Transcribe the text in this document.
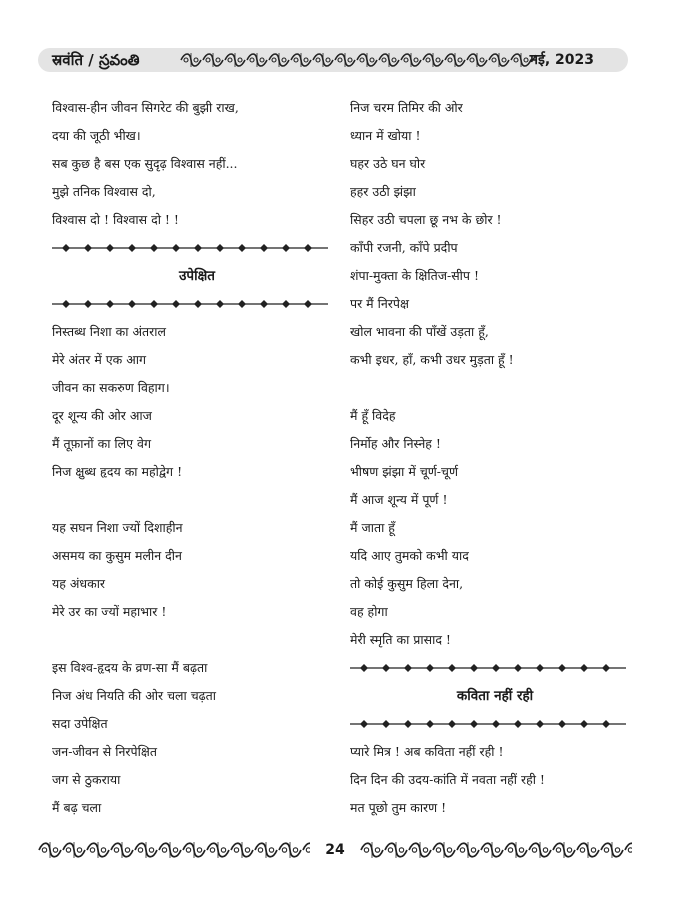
स्रवंति / స్రవంతి	मई, 2023
विश्वास-हीन जीवन सिगरेट की बुझी राख,
दया की जूठी भीख।
सब कुछ है बस एक सुदृढ़ विश्वास नहीं...
मुझे तनिक विश्वास दो,
विश्वास दो ! विश्वास दो ! !
उपेक्षित
निस्तब्ध निशा का अंतराल
मेरे अंतर में एक आग
जीवन का सकरुण विहाग।
दूर शून्य की ओर आज
मैं तूफ़ानों का लिए वेग
निज क्षुब्ध हृदय का महोद्वेग !
यह सघन निशा ज्यों दिशाहीन
असमय का कुसुम मलीन दीन
यह अंधकार
मेरे उर का ज्यों महाभार !
इस विश्व-हृदय के व्रण-सा मैं बढ़ता
निज अंध नियति की ओर चला चढ़ता
सदा उपेक्षित
जन-जीवन से निरपेक्षित
जग से ठुकराया
मैं बढ़ चला
निज चरम तिमिर की ओर
ध्यान में खोया !
घहर उठे घन घोर
हहर उठी झंझा
सिहर उठी चपला छू नभ के छोर !
काँपी रजनी, काँपे प्रदीप
शंपा-मुक्ता के क्षितिज-सीप !
पर मैं निरपेक्ष
खोल भावना की पाँखें उड़ता हूँ,
कभी इधर, हाँ, कभी उधर मुड़ता हूँ !
मैं हूँ विदेह
निर्मोह और निस्नेह !
भीषण झंझा में चूर्ण-चूर्ण
मैं आज शून्य में पूर्ण !
मैं जाता हूँ
यदि आए तुमको कभी याद
तो कोई कुसुम हिला देना,
वह होगा
मेरी स्मृति का प्रासाद !
कविता नहीं रही
प्यारे मित्र ! अब कविता नहीं रही !
दिन दिन की उदय-कांति में नवता नहीं रही !
मत पूछो तुम कारण !
24
